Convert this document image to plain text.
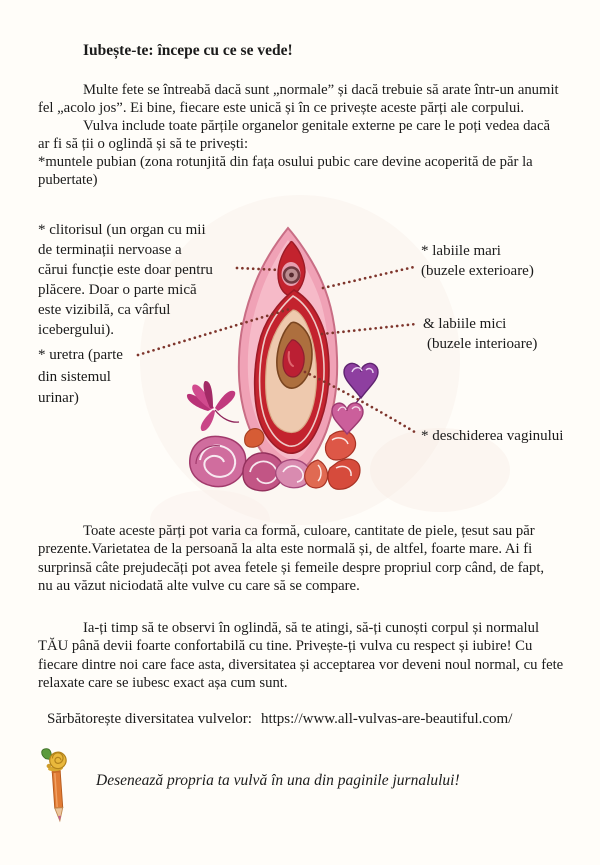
Iubește-te: începe cu ce se vede!

Multe fete se întreabă dacă sunt „normale” și dacă trebuie să arate într-un anumit fel „acolo jos”. Ei bine, fiecare este unică și în ce privește aceste părți ale corpului.

Vulva include toate părțile organelor genitale externe pe care le poți vedea dacă ar fi să ții o oglindă și să te privești:

*muntele pubian (zona rotunjită din fața osului pubic care devine acoperită de păr la pubertate)

* clitorisul (un organ cu mii
de terminații nervoase a
cărui funcție este doar pentru
plăcere. Doar o parte mică
este vizibilă, ca vârful
icebergului).
* uretra (parte
din sistemul
urinar)
* labiile mari
(buzele exterioare)
& labiile mici
(buzele interioare)
* deschiderea vaginului

Toate aceste părți pot varia ca formă, culoare, cantitate de piele, țesut sau păr prezente.Varietatea de la persoană la alta este normală și, de altfel, foarte mare. Ai fi surprinsă câte prejudecăți pot avea fetele și femeile despre propriul corp când, de fapt, nu au văzut niciodată alte vulve cu care să se compare.

Ia-ți timp să te observi în oglindă, să te atingi, să-ți cunoști corpul și normalul TĂU până devii foarte confortabilă cu tine. Privește-ți vulva cu respect și iubire! Cu fiecare dintre noi care face asta, diversitatea și acceptarea vor deveni noul normal, cu fete relaxate care se iubesc exact așa cum sunt.

Sărbătorește diversitatea vulvelor: https://www.all-vulvas-are-beautiful.com/
Desenează propria ta vulvă în una din paginile jurnalului!
